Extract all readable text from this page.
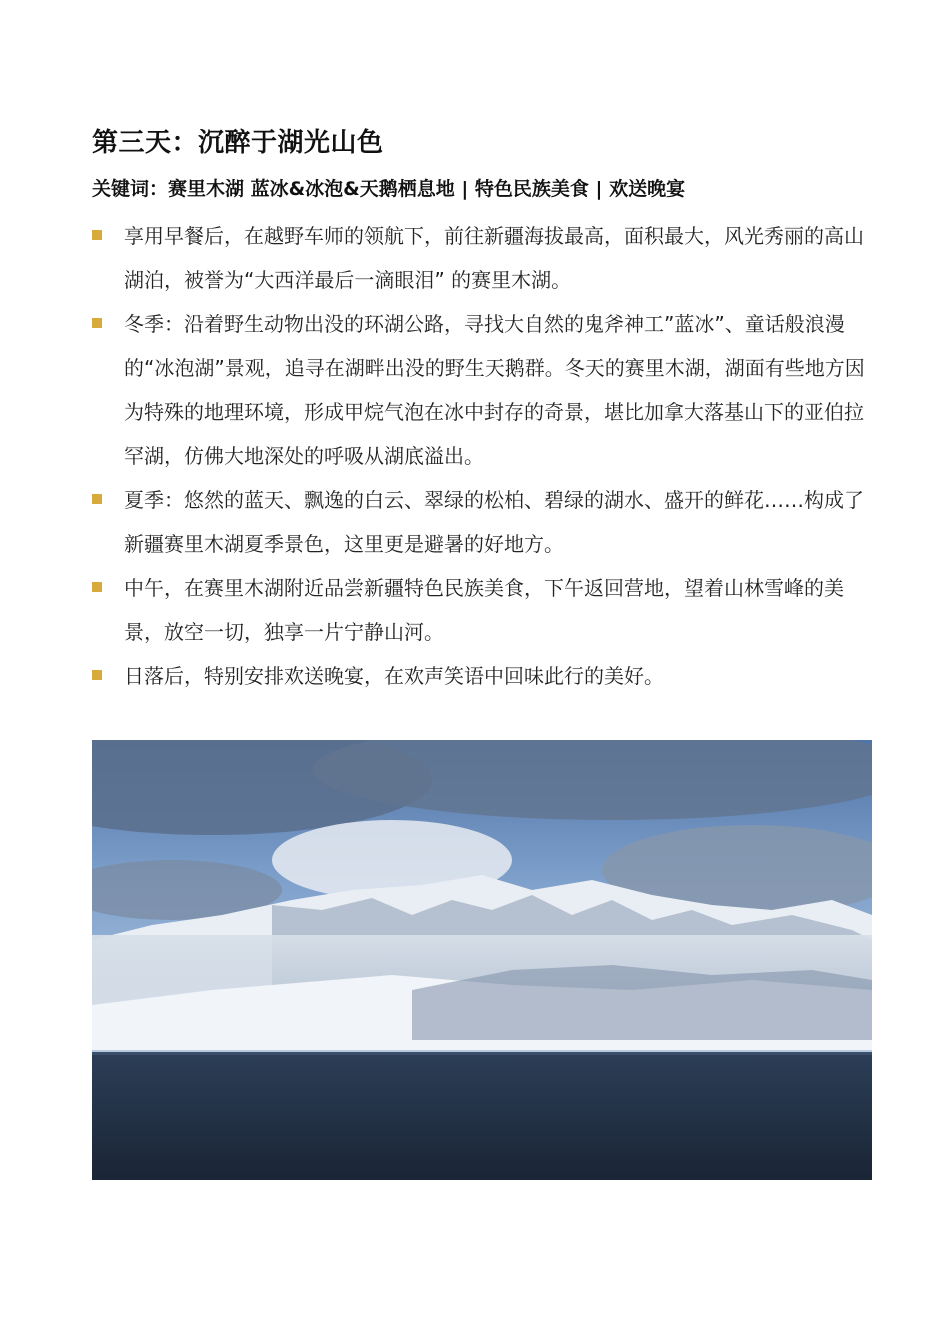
第三天：沉醉于湖光山色
关键词：赛里木湖 蓝冰&冰泡&天鹅栖息地 | 特色民族美食 | 欢送晚宴
享用早餐后，在越野车师的领航下，前往新疆海拔最高，面积最大，风光秀丽的高山湖泊，被誉为“大西洋最后一滴眼泪” 的赛里木湖。
冬季：沿着野生动物出没的环湖公路，寻找大自然的鬼斧神工”蓝冰”、童话般浪漫的“冰泡湖”景观，追寻在湖畔出没的野生天鹅群。冬天的赛里木湖，湖面有些地方因为特殊的地理环境，形成甲烷气泡在冰中封存的奇景，堪比加拿大落基山下的亚伯拉罕湖，仿佛大地深处的呼吸从湖底溢出。
夏季：悠然的蓝天、飘逸的白云、翠绿的松柏、碧绿的湖水、盛开的鲜花……构成了新疆赛里木湖夏季景色，这里更是避暑的好地方。
中午，在赛里木湖附近品尝新疆特色民族美食，下午返回营地，望着山林雪峰的美景，放空一切，独享一片宁静山河。
日落后，特别安排欢送晚宴，在欢声笑语中回味此行的美好。
